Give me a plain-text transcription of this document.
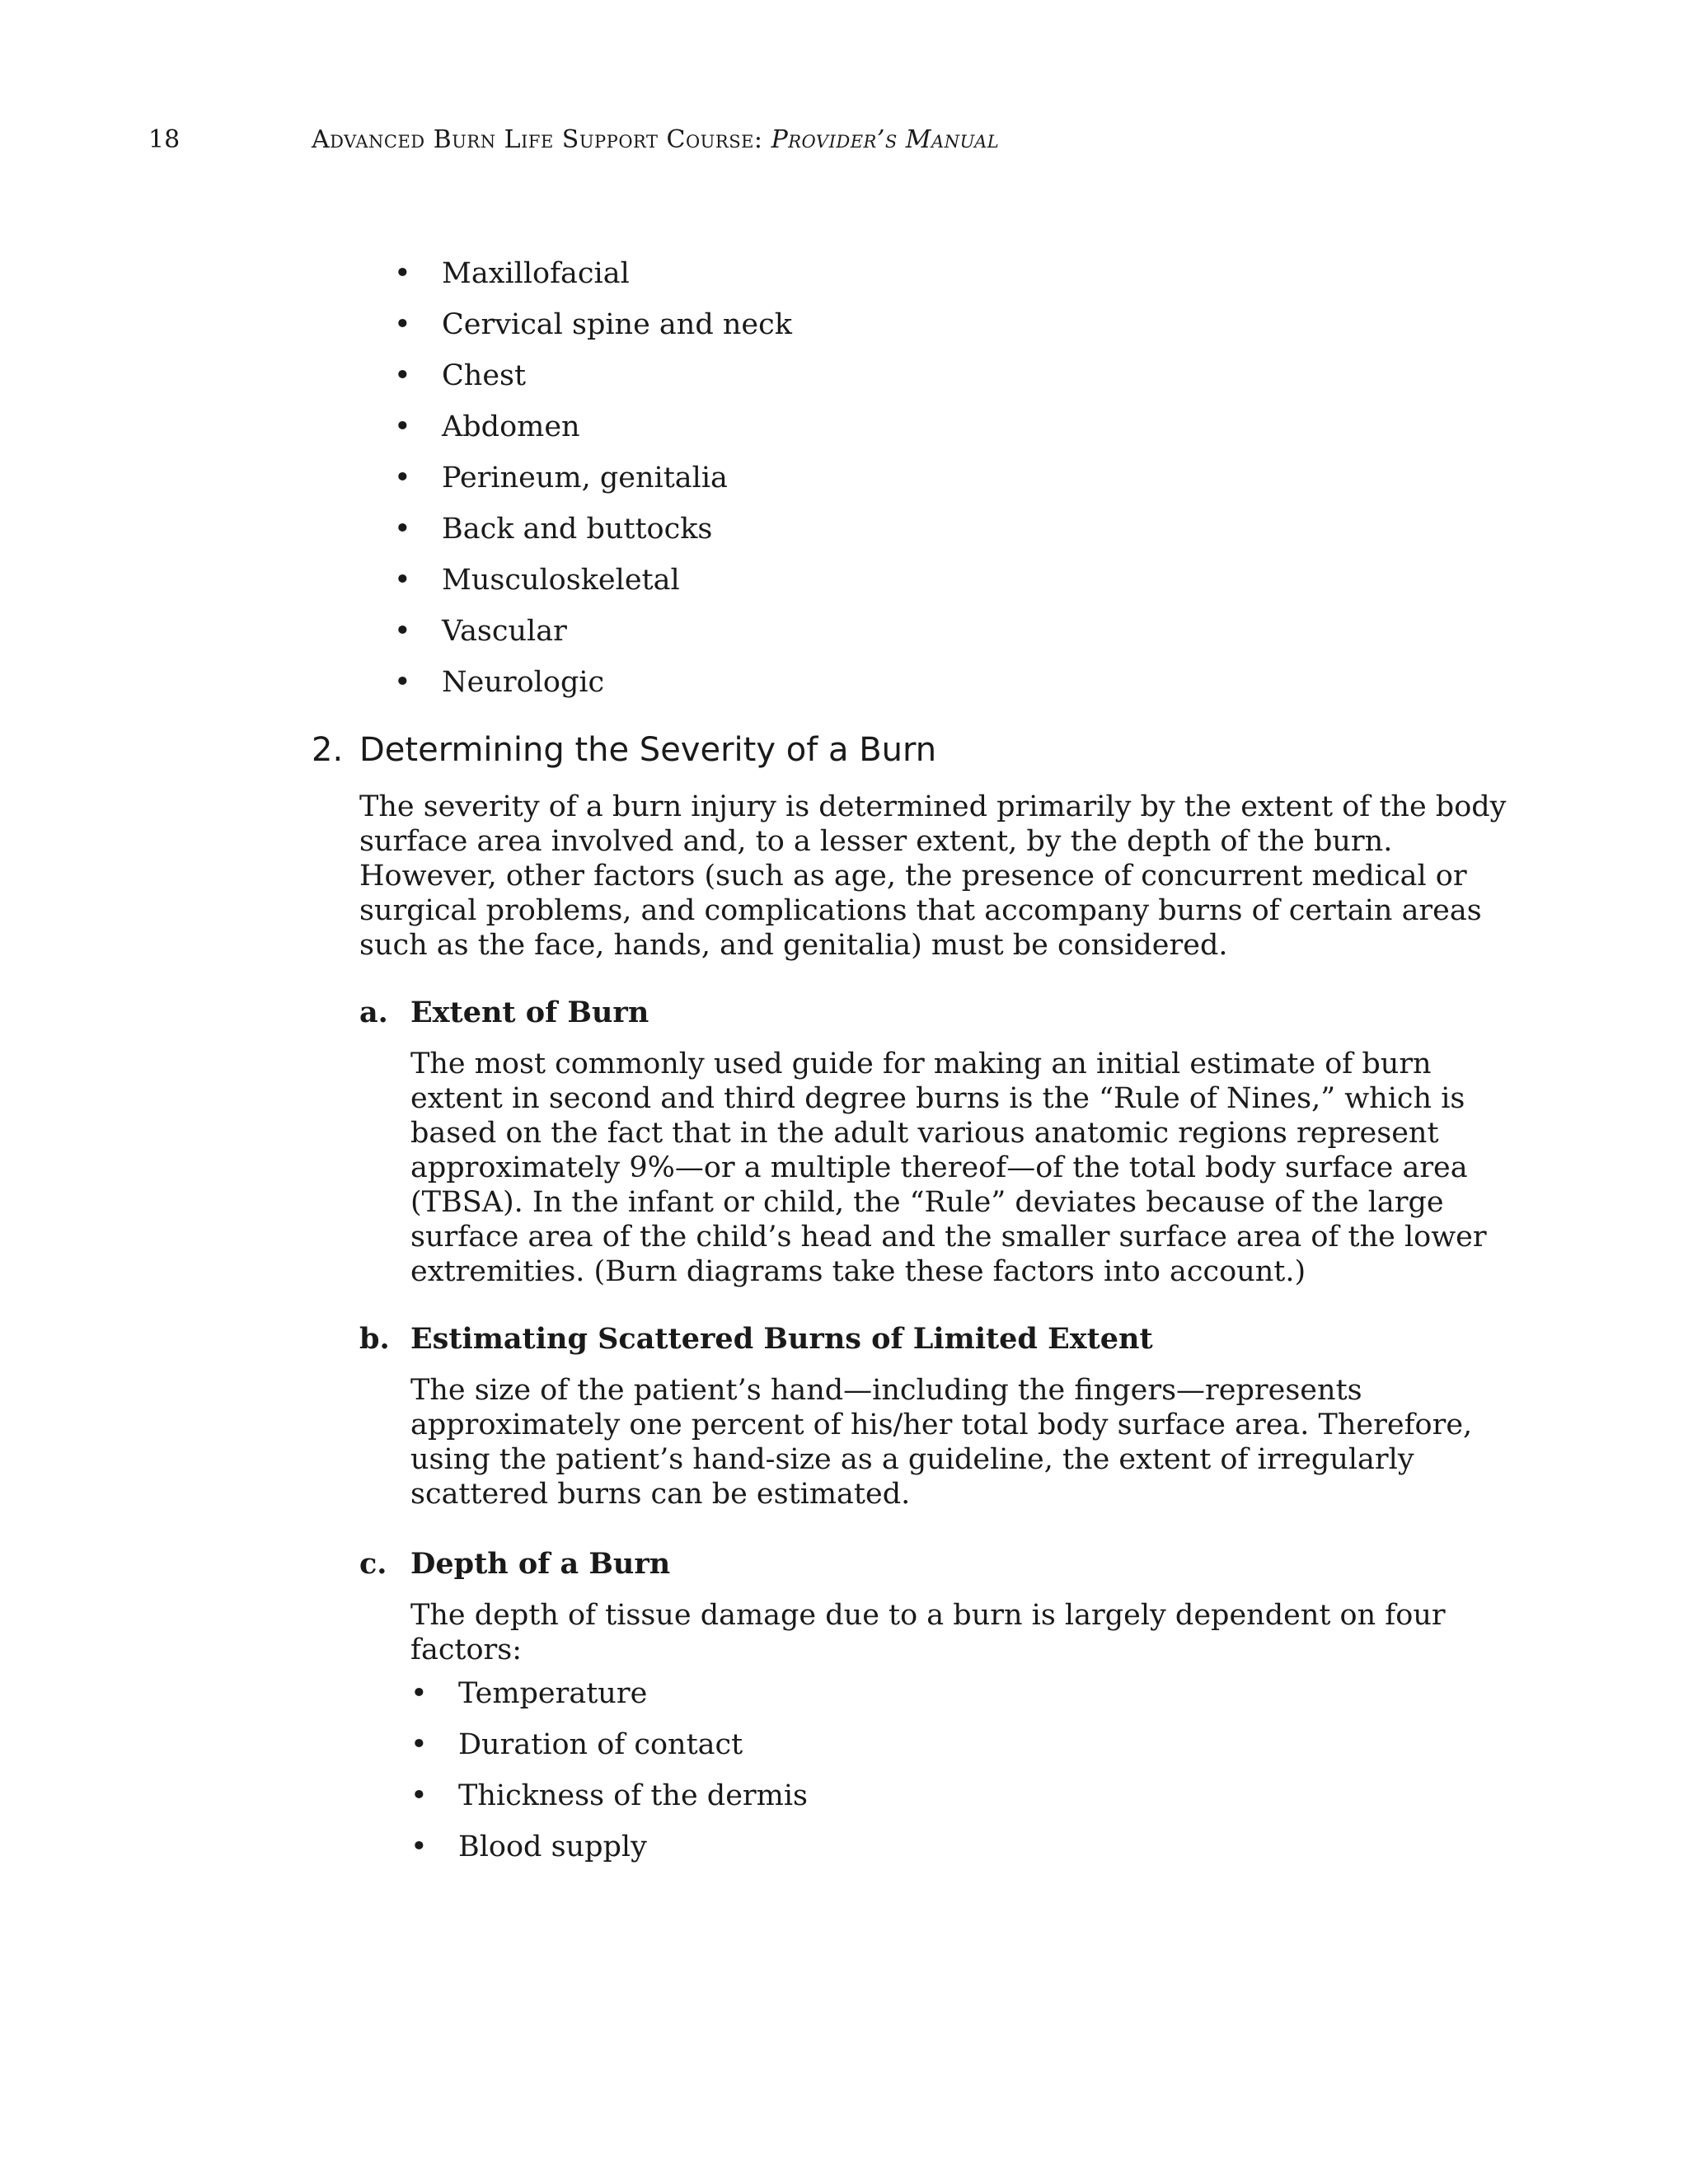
18	Advanced Burn Life Support Course: Provider’s Manual
• Maxillofacial
• Cervical spine and neck
• Chest
• Abdomen
• Perineum, genitalia
• Back and buttocks
• Musculoskeletal
• Vascular
• Neurologic
2. Determining the Severity of a Burn

The severity of a burn injury is determined primarily by the extent of the body surface area involved and, to a lesser extent, by the depth of the burn. However, other factors (such as age, the presence of concurrent medical or surgical problems, and complications that accompany burns of certain areas such as the face, hands, and genitalia) must be considered.

a. Extent of Burn

The most commonly used guide for making an initial estimate of burn extent in second and third degree burns is the “Rule of Nines,” which is based on the fact that in the adult various anatomic regions represent approximately 9%—or a multiple thereof—of the total body surface area (TBSA). In the infant or child, the “Rule” deviates because of the large surface area of the child’s head and the smaller surface area of the lower extremities. (Burn diagrams take these factors into account.)

b. Estimating Scattered Burns of Limited Extent

The size of the patient’s hand—including the fingers—represents approximately one percent of his/her total body surface area. Therefore, using the patient’s hand-size as a guideline, the extent of irregularly scattered burns can be estimated.

c. Depth of a Burn

The depth of tissue damage due to a burn is largely dependent on four factors:

• Temperature
• Duration of contact
• Thickness of the dermis
• Blood supply
